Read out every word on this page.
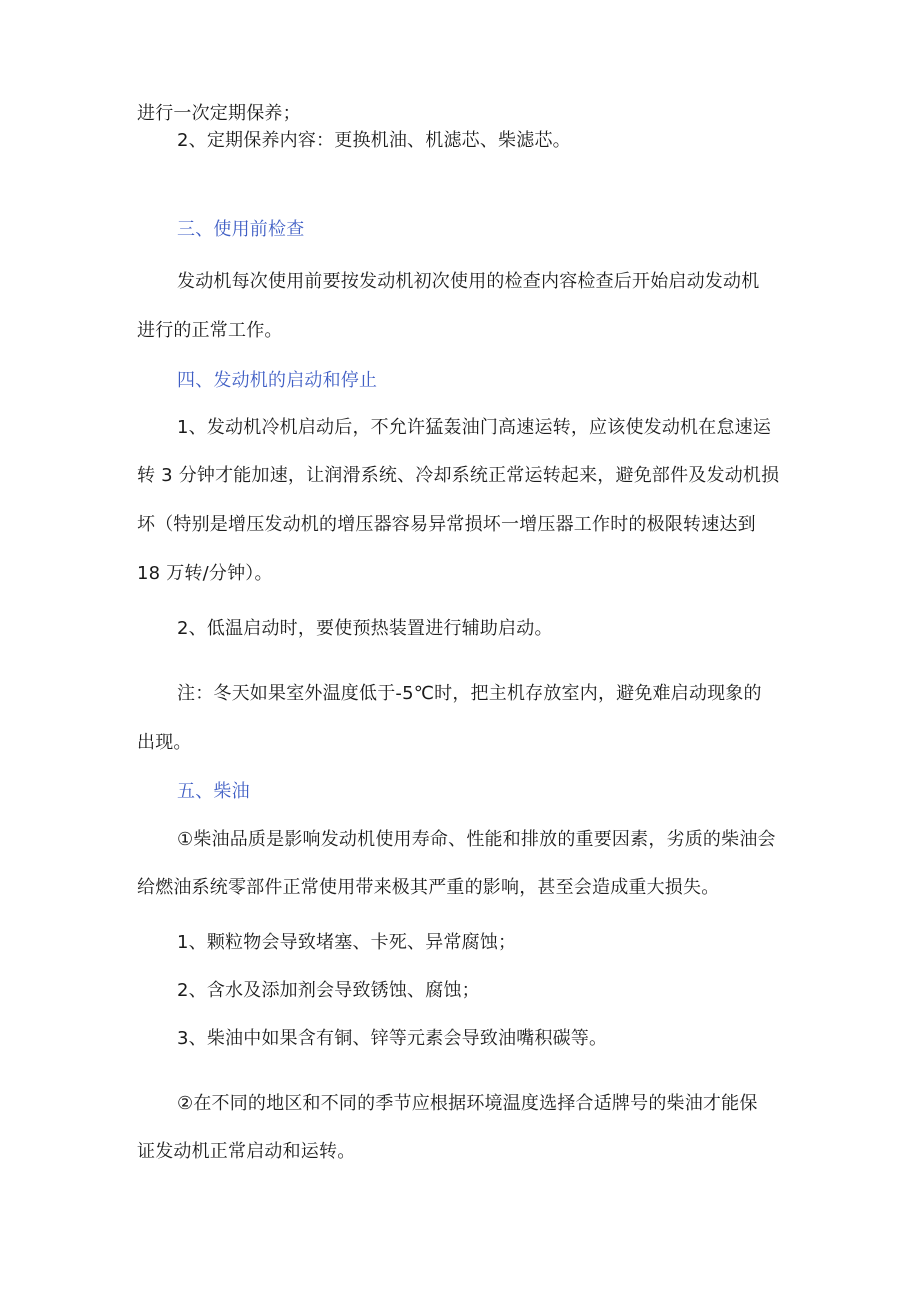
进行一次定期保养；

2、定期保养内容：更换机油、机滤芯、柴滤芯。

三、使用前检查

发动机每次使用前要按发动机初次使用的检查内容检查后开始启动发动机

进行的正常工作。

四、发动机的启动和停止

1、发动机冷机启动后，不允许猛轰油门高速运转，应该使发动机在怠速运

转 3 分钟才能加速，让润滑系统、冷却系统正常运转起来，避免部件及发动机损

坏（特别是增压发动机的增压器容易异常损坏一增压器工作时的极限转速达到

18 万转/分钟）。

2、低温启动时，要使预热装置进行辅助启动。

注：冬天如果室外温度低于-5℃时，把主机存放室内，避免难启动现象的

出现。

五、柴油

①柴油品质是影响发动机使用寿命、性能和排放的重要因素，劣质的柴油会

给燃油系统零部件正常使用带来极其严重的影响，甚至会造成重大损失。

1、颗粒物会导致堵塞、卡死、异常腐蚀；

2、含水及添加剂会导致锈蚀、腐蚀；

3、柴油中如果含有铜、锌等元素会导致油嘴积碳等。

②在不同的地区和不同的季节应根据环境温度选择合适牌号的柴油才能保

证发动机正常启动和运转。
